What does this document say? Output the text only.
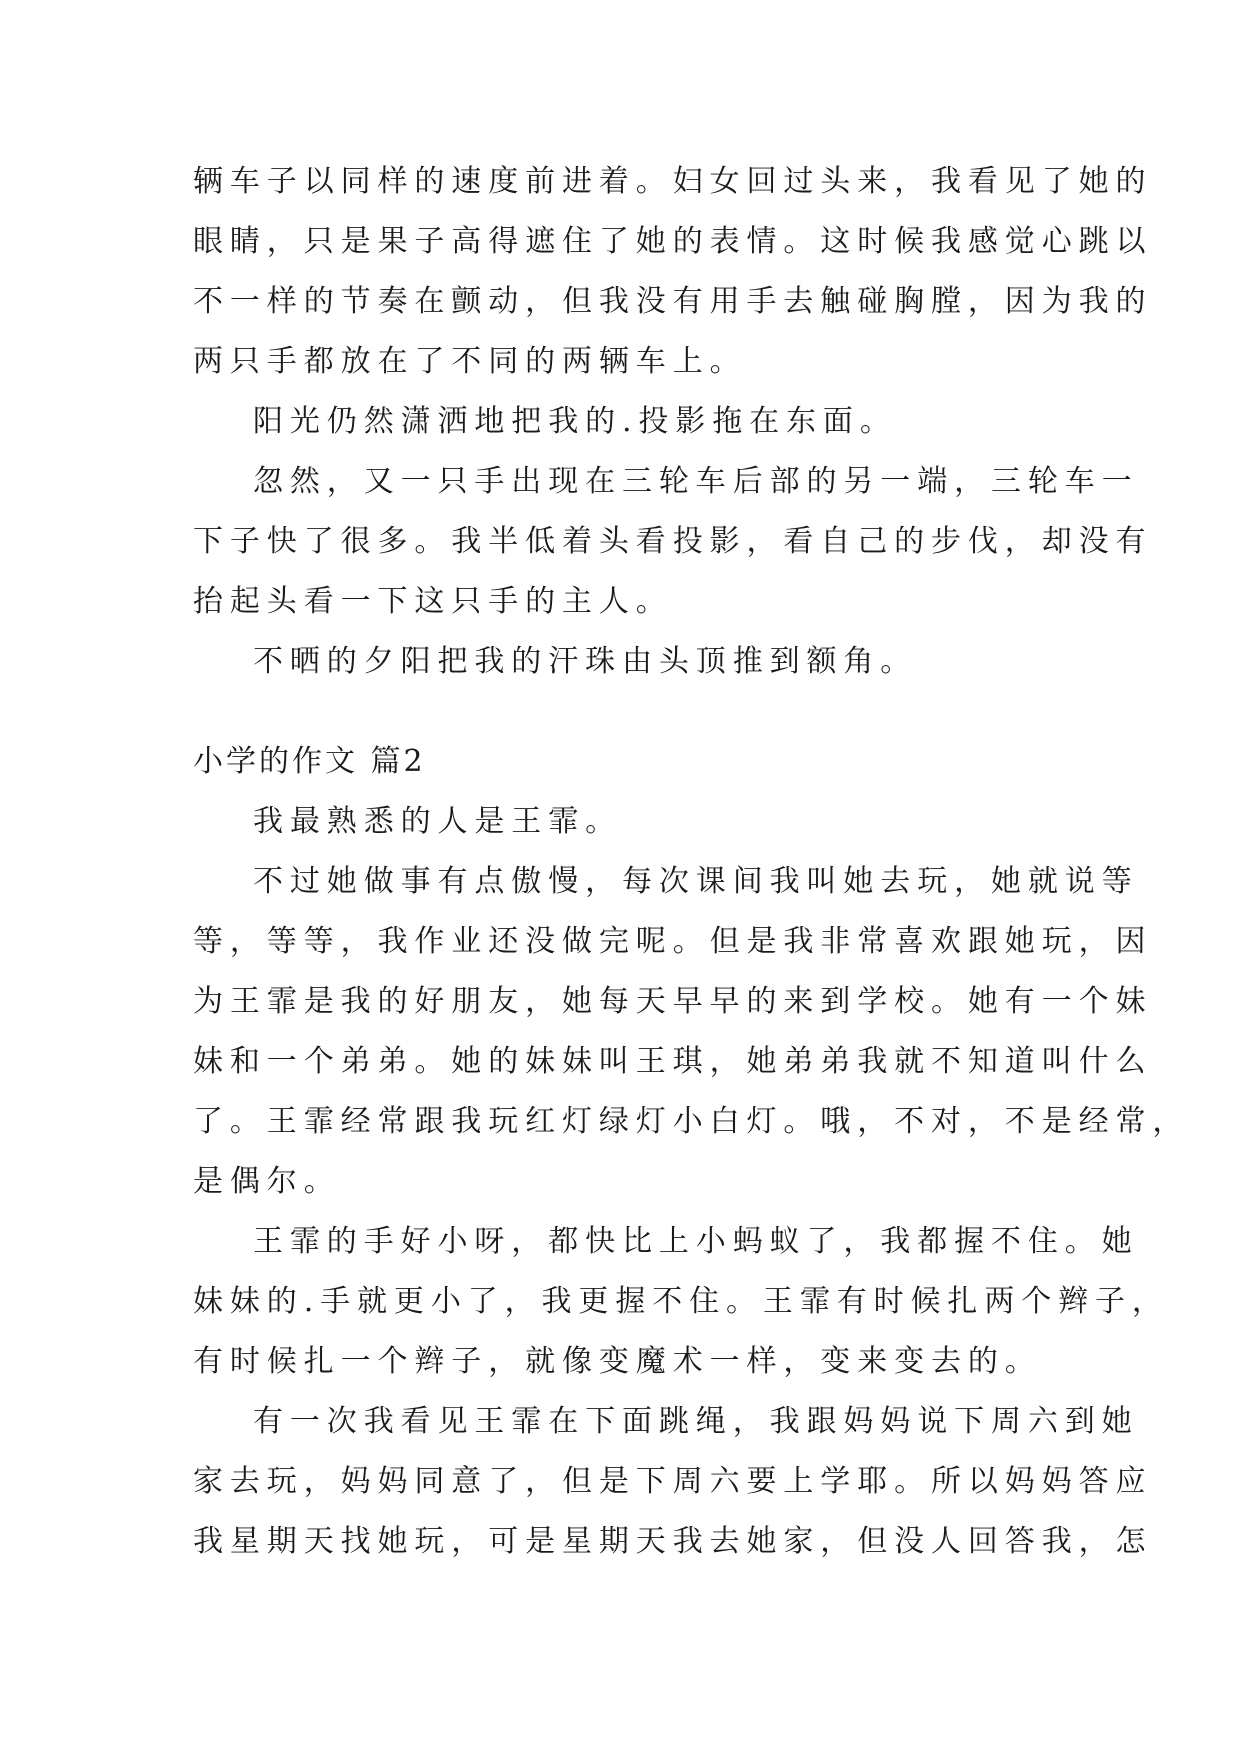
辆车子以同样的速度前进着。妇女回过头来，我看见了她的
眼睛，只是果子高得遮住了她的表情。这时候我感觉心跳以
不一样的节奏在颤动，但我没有用手去触碰胸膛，因为我的
两只手都放在了不同的两辆车上。
阳光仍然潇洒地把我的.投影拖在东面。
忽然，又一只手出现在三轮车后部的另一端，三轮车一
下子快了很多。我半低着头看投影，看自己的步伐，却没有
抬起头看一下这只手的主人。
不晒的夕阳把我的汗珠由头顶推到额角。
小学的作文 篇2
我最熟悉的人是王霏。
不过她做事有点傲慢，每次课间我叫她去玩，她就说等
等，等等，我作业还没做完呢。但是我非常喜欢跟她玩，因
为王霏是我的好朋友，她每天早早的来到学校。她有一个妹
妹和一个弟弟。她的妹妹叫王琪，她弟弟我就不知道叫什么
了。王霏经常跟我玩红灯绿灯小白灯。哦，不对，不是经常，
是偶尔。
王霏的手好小呀，都快比上小蚂蚁了，我都握不住。她
妹妹的.手就更小了，我更握不住。王霏有时候扎两个辫子，
有时候扎一个辫子，就像变魔术一样，变来变去的。
有一次我看见王霏在下面跳绳，我跟妈妈说下周六到她
家去玩，妈妈同意了，但是下周六要上学耶。所以妈妈答应
我星期天找她玩，可是星期天我去她家，但没人回答我，怎
